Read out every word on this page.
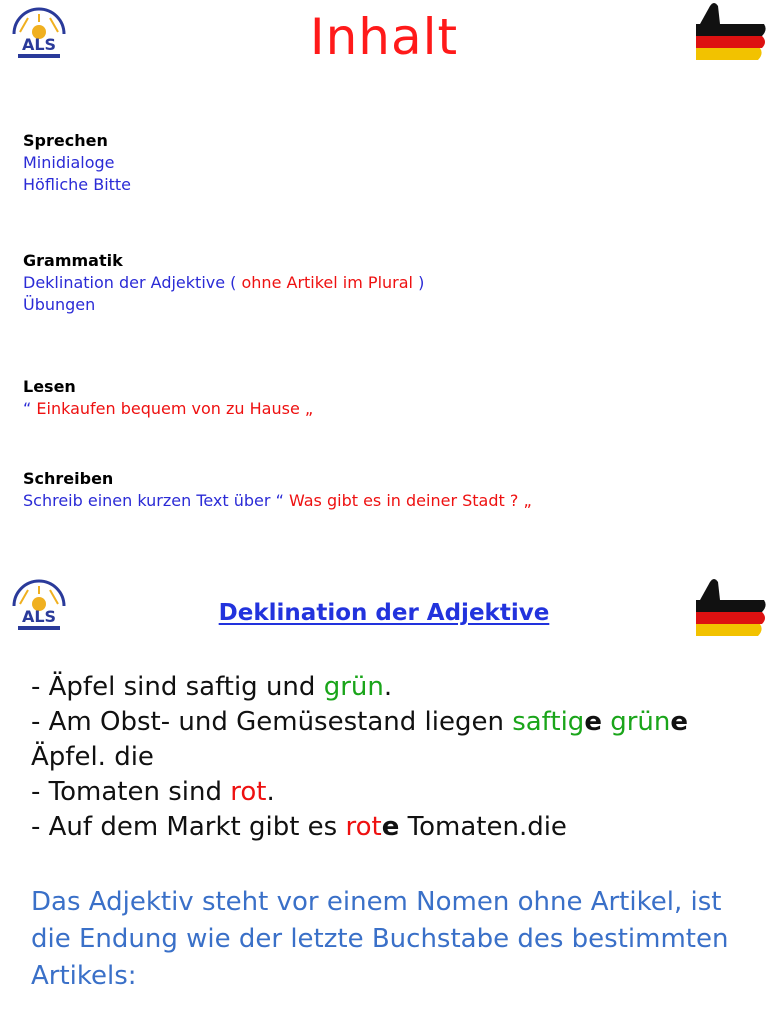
ALS	Inhalt
Sprechen
Minidialoge
Höfliche Bitte
Grammatik
Deklination der Adjektive ( ohne Artikel im Plural )
Übungen
Lesen
“ Einkaufen bequem von zu Hause „
Schreiben
Schreib einen kurzen Text über “ Was gibt es in deiner Stadt ? „
ALS	Deklination der Adjektive
- Äpfel sind saftig und grün.
- Am Obst- und Gemüsestand liegen saftige grüne
Äpfel. die
- Tomaten sind rot.
- Auf dem Markt gibt es rote Tomaten.die
Das Adjektiv steht vor einem Nomen ohne Artikel, ist die Endung wie der letzte Buchstabe des bestimmten Artikels:
